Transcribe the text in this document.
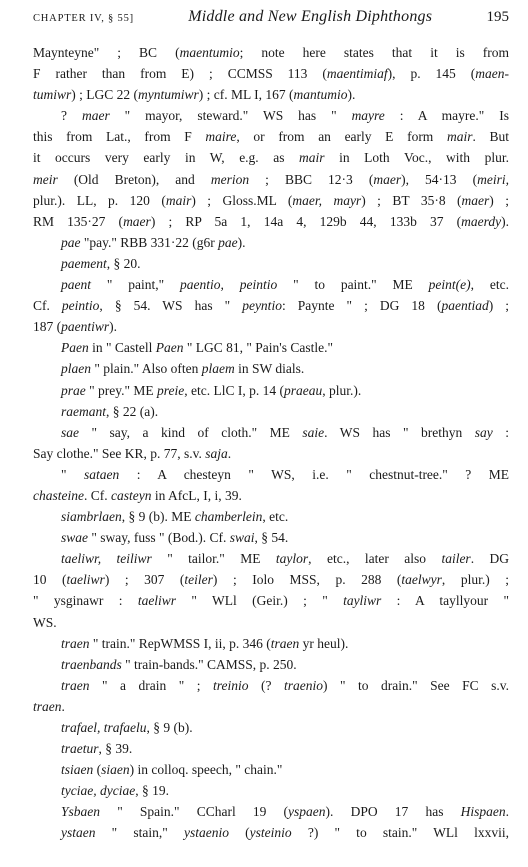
CHAPTER IV, § 55]	Middle and New English Diphthongs	195
Maynteyne" ; BC (maentumio; note here states that it is from
F rather than from E) ; CCMSS 113 (maentimiaf), p. 145 (maen-
tumiwr) ; LGC 22 (myntumiwr) ; cf. ML I, 167 (mantumio).
? maer " mayor, steward." WS has " mayre : A mayre." Is
this from Lat., from F maire, or from an early E form mair. But
it occurs very early in W, e.g. as mair in Loth Voc., with plur.
meir (Old Breton), and merion ; BBC 12·3 (maer), 54·13 (meiri,
plur.). LL, p. 120 (mair) ; Gloss.ML (maer, mayr) ; BT 35·8 (maer) ;
RM 135·27 (maer) ; RP 5a 1, 14a 4, 129b 44, 133b 37 (maerdy).
pae "pay." RBB 331·22 (g6r pae).
paement, § 20.
paent " paint," paentio, peintio " to paint." ME peint(e), etc.
Cf. peintio, § 54. WS has " peyntio: Paynte " ; DG 18 (paentiad) ;
187 (paentiwr).
Paen in " Castell Paen " LGC 81, " Pain's Castle."
plaen " plain." Also often plaem in SW dials.
prae " prey." ME preie, etc. LlC I, p. 14 (praeau, plur.).
raemant, § 22 (a).
sae " say, a kind of cloth." ME saie. WS has " brethyn say :
Say clothe." See KR, p. 77, s.v. saja.
" sataen : A chesteyn " WS, i.e. " chestnut-tree." ? ME
chasteine. Cf. casteyn in AfcL, I, i, 39.
siambrlaen, § 9 (b). ME chamberlein, etc.
swae " sway, fuss " (Bod.). Cf. swai, § 54.
taeliwr, teiliwr " tailor." ME taylor, etc., later also tailer. DG
10 (taeliwr) ; 307 (teiler) ; Iolo MSS, p. 288 (taelwyr, plur.) ;
" ysginawr : taeliwr " WLl (Geir.) ; " tayliwr : A tayllyour "
WS.
traen " train." RepWMSS I, ii, p. 346 (traen yr heul).
traenbands " train-bands." CAMSS, p. 250.
traen " a drain " ; treinio (? traenio) " to drain." See FC s.v.
traen.
trafael, trafaelu, § 9 (b).
traetur, § 39.
tsiaen (siaen) in colloq. speech, " chain."
tyciae, dyciae, § 19.
Ysbaen " Spain." CCharl 19 (yspaen). DPO 17 has Hispaen.
ystaen " stain," ystaenio (ysteinio ?) " to stain." WLl lxxvii,
